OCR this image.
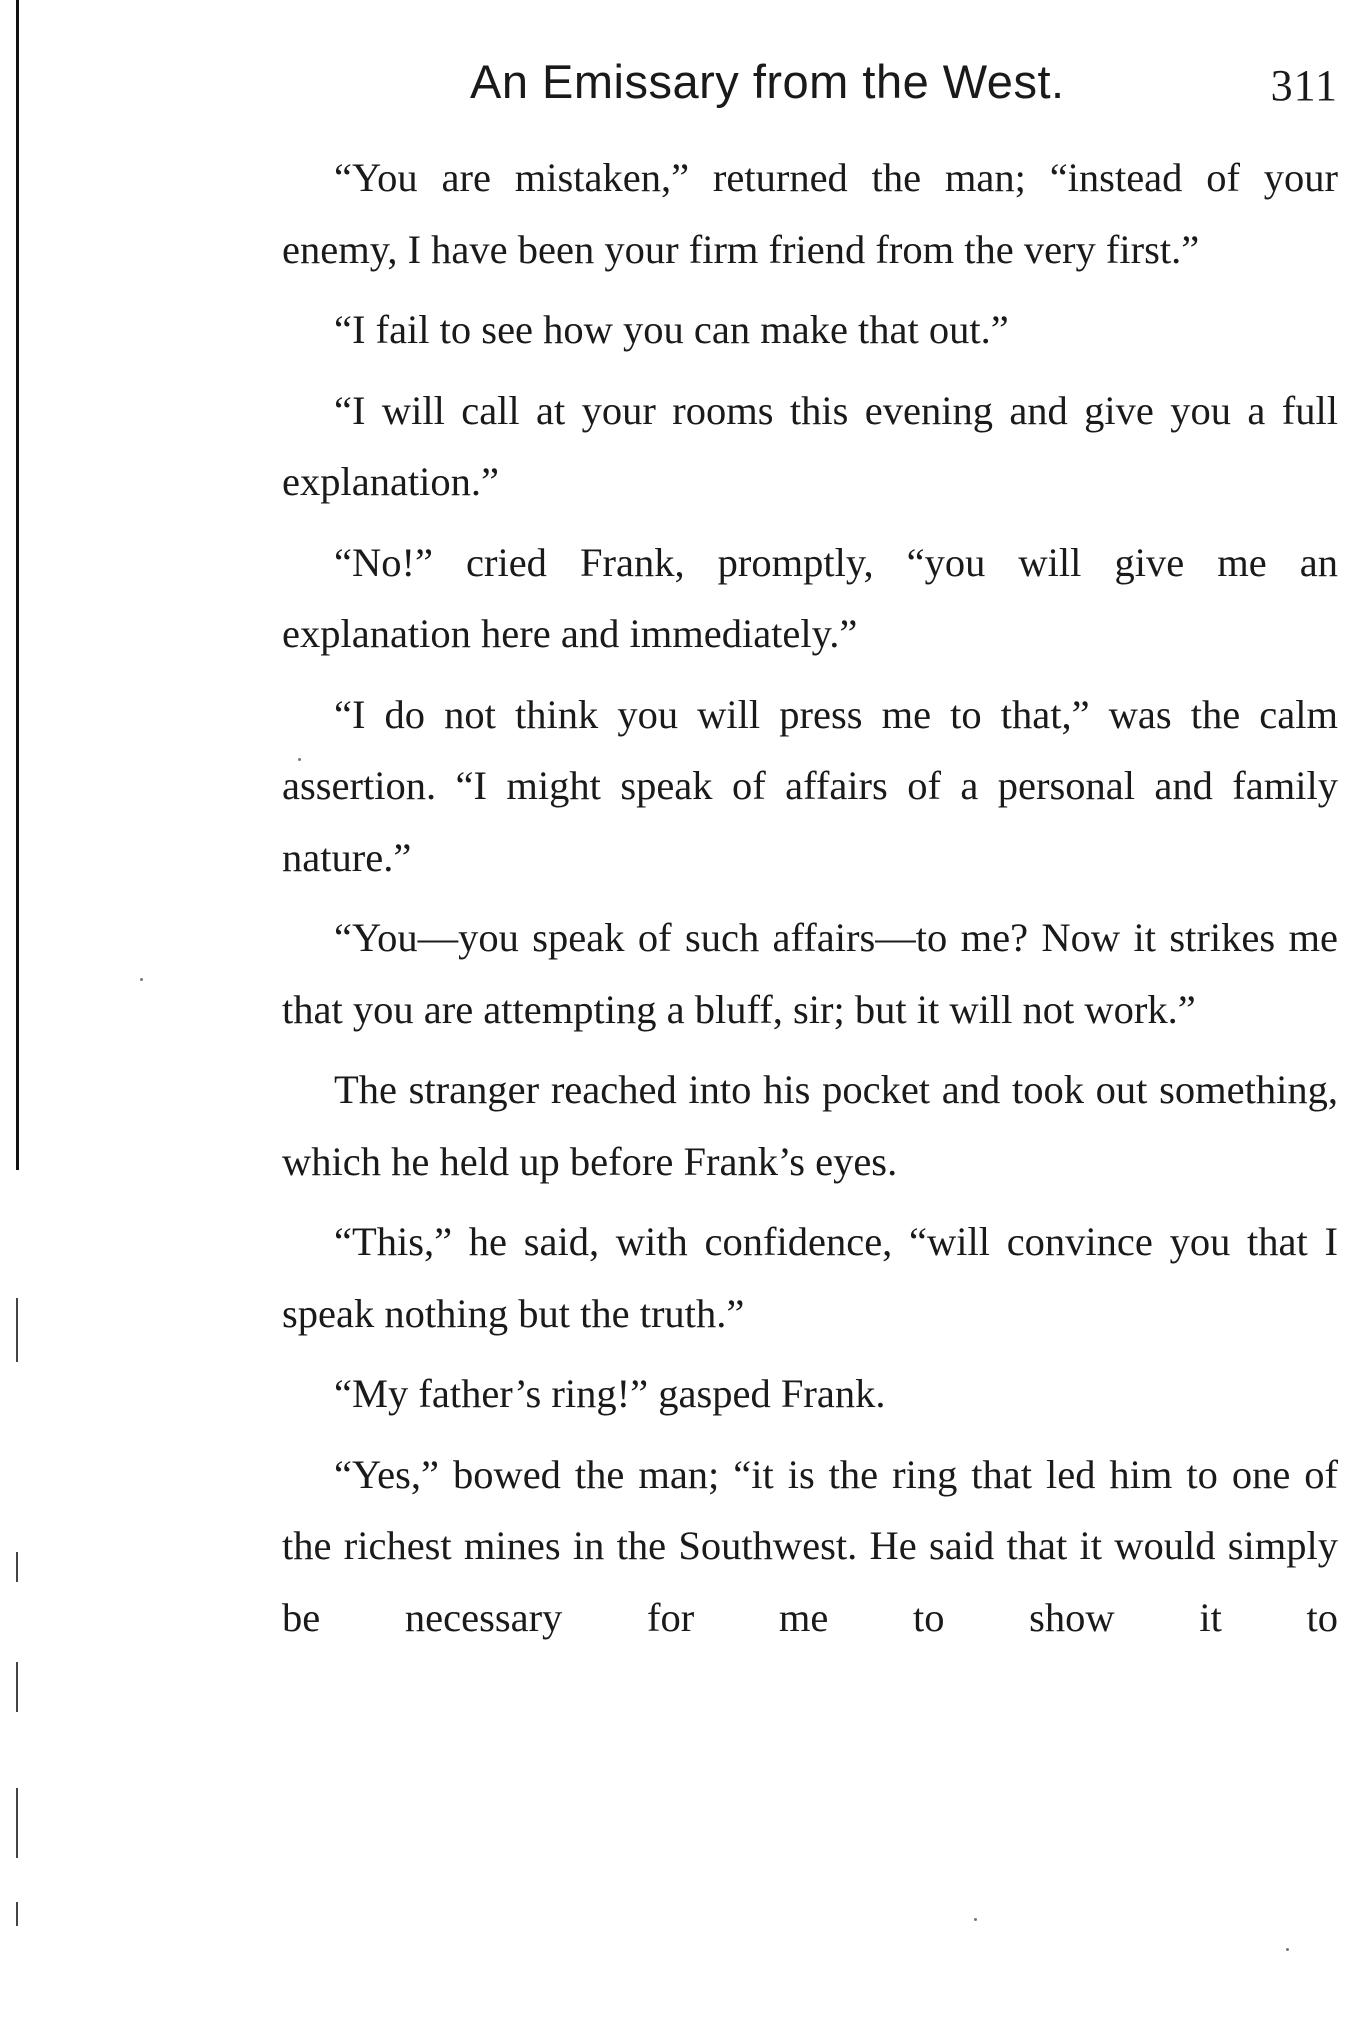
An Emissary from the West.	311

“You are mistaken,” returned the man; “instead of your enemy, I have been your firm friend from the very first.”

“I fail to see how you can make that out.”

“I will call at your rooms this evening and give you a full explanation.”

“No!” cried Frank, promptly, “you will give me an explanation here and immediately.”

“I do not think you will press me to that,” was the calm assertion. “I might speak of affairs of a personal and family nature.”

“You—you speak of such affairs—to me? Now it strikes me that you are attempting a bluff, sir; but it will not work.”

The stranger reached into his pocket and took out something, which he held up before Frank’s eyes.

“This,” he said, with confidence, “will convince you that I speak nothing but the truth.”

“My father’s ring!” gasped Frank.

“Yes,” bowed the man; “it is the ring that led him to one of the richest mines in the Southwest. He said that it would simply be necessary for me to show it to
